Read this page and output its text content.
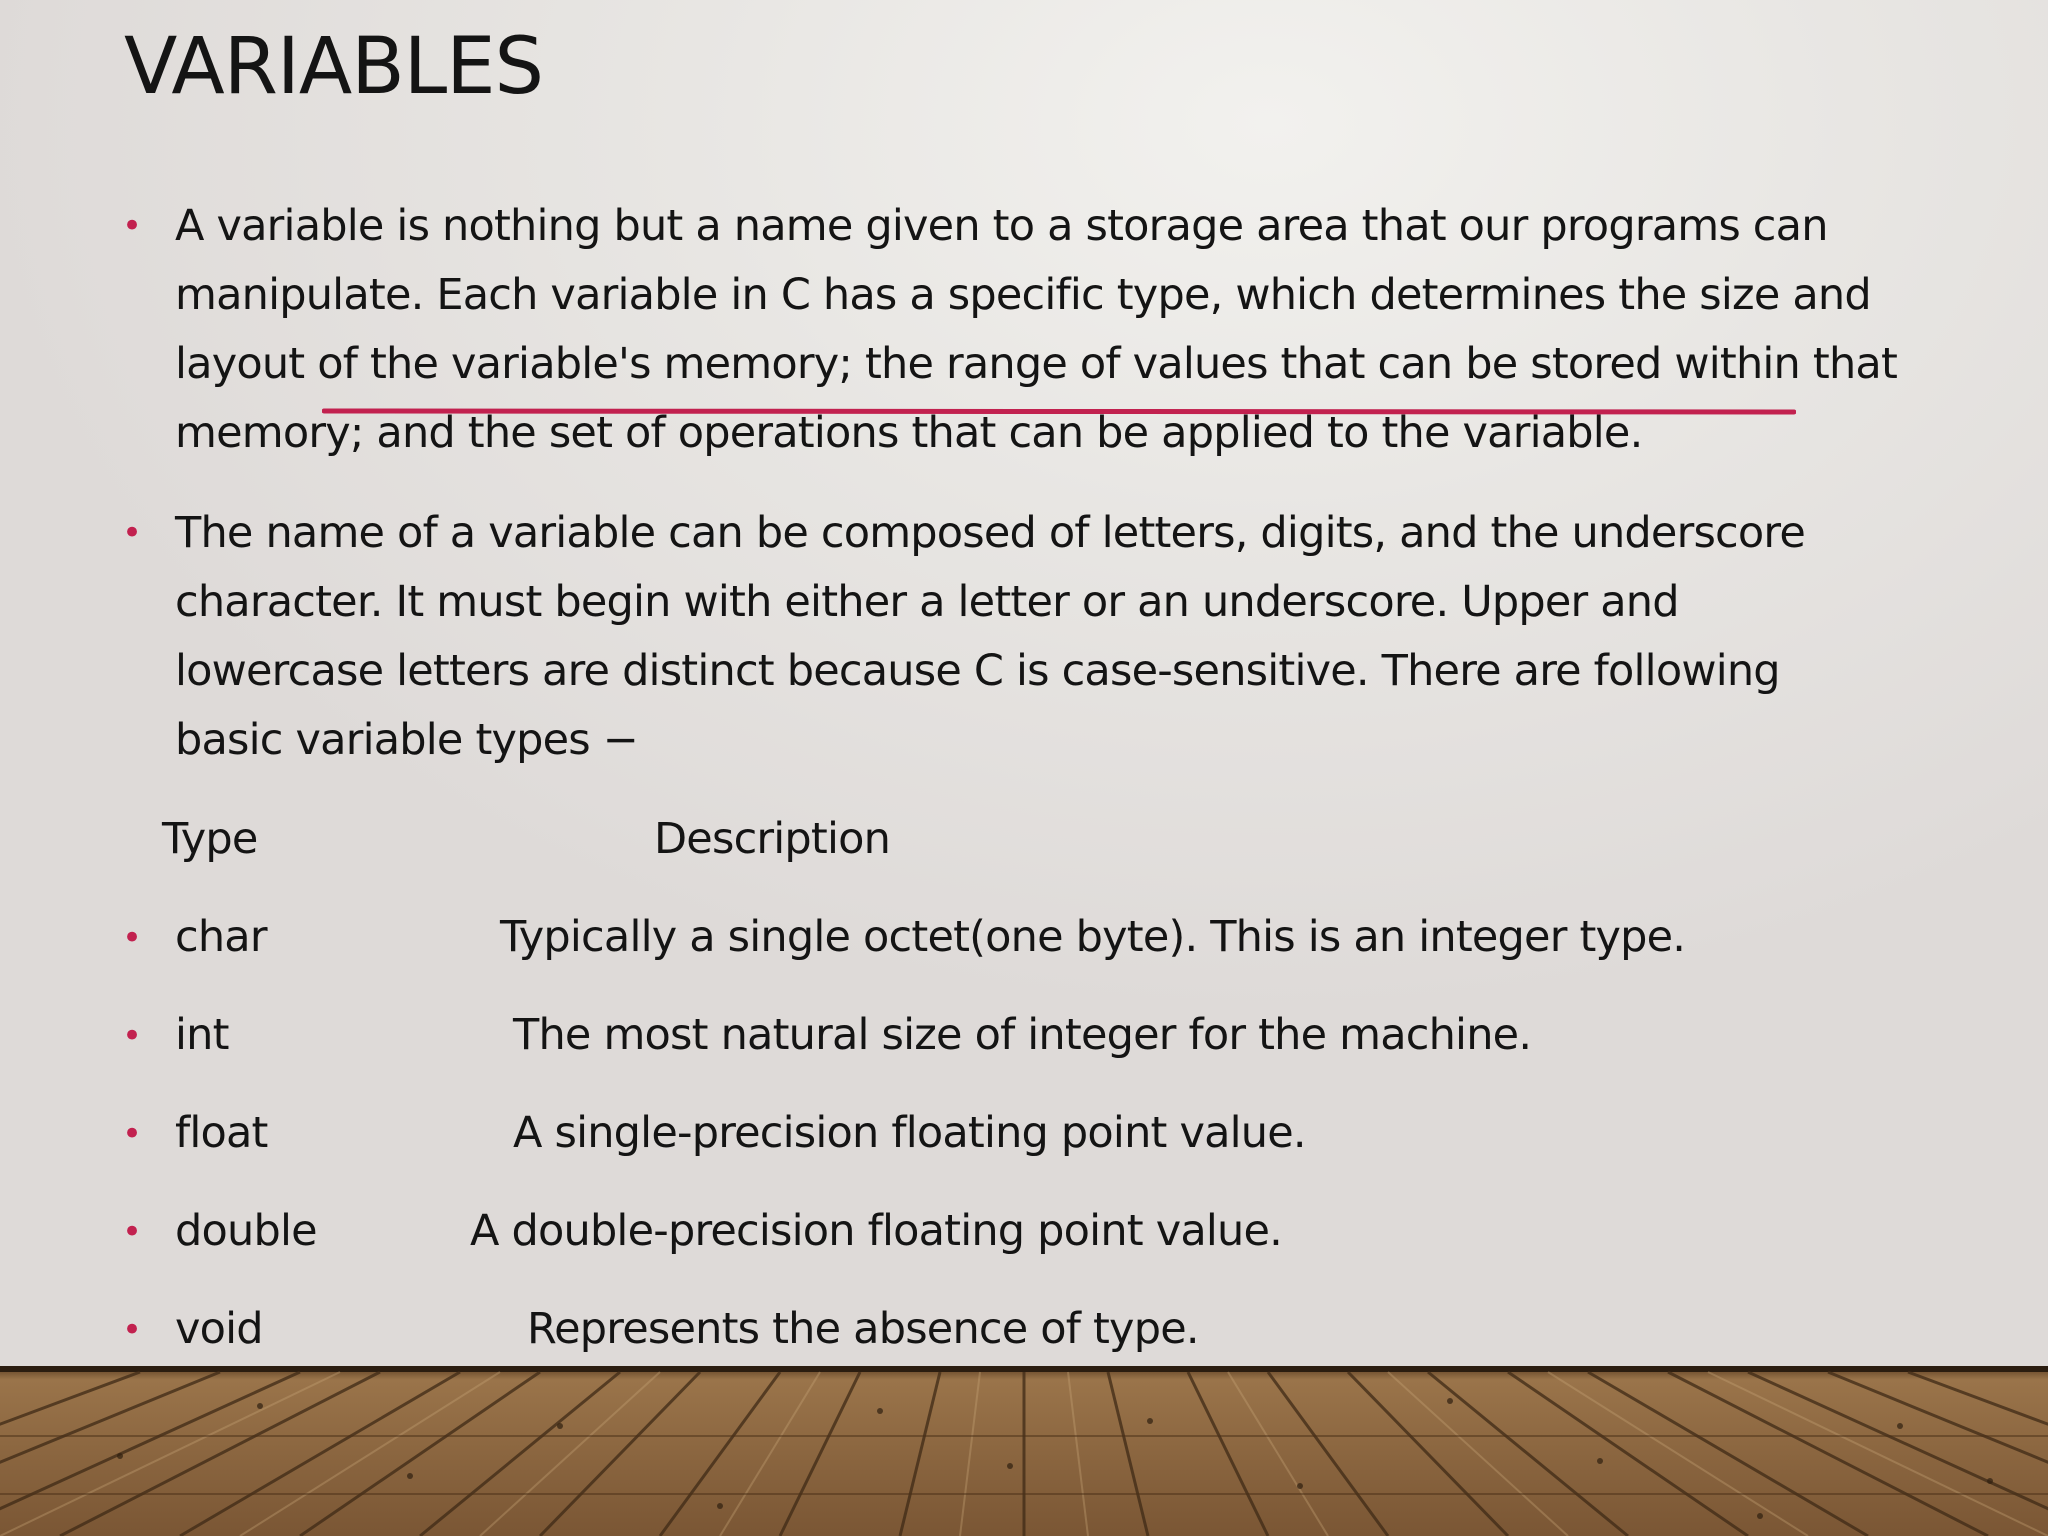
VARIABLES
• A variable is nothing but a name given to a storage area that our programs can manipulate. Each variable in C has a specific type, which determines the size and layout of the variable's memory; the range of values that can be stored within that memory; and the set of operations that can be applied to the variable.

• The name of a variable can be composed of letters, digits, and the underscore character. It must begin with either a letter or an underscore. Upper and lowercase letters are distinct because C is case-sensitive. There are following basic variable types −

Type	Description
• char	Typically a single octet(one byte). This is an integer type.
• int	The most natural size of integer for the machine.
• float	A single-precision floating point value.
• double	A double-precision floating point value.
• void	Represents the absence of type.
